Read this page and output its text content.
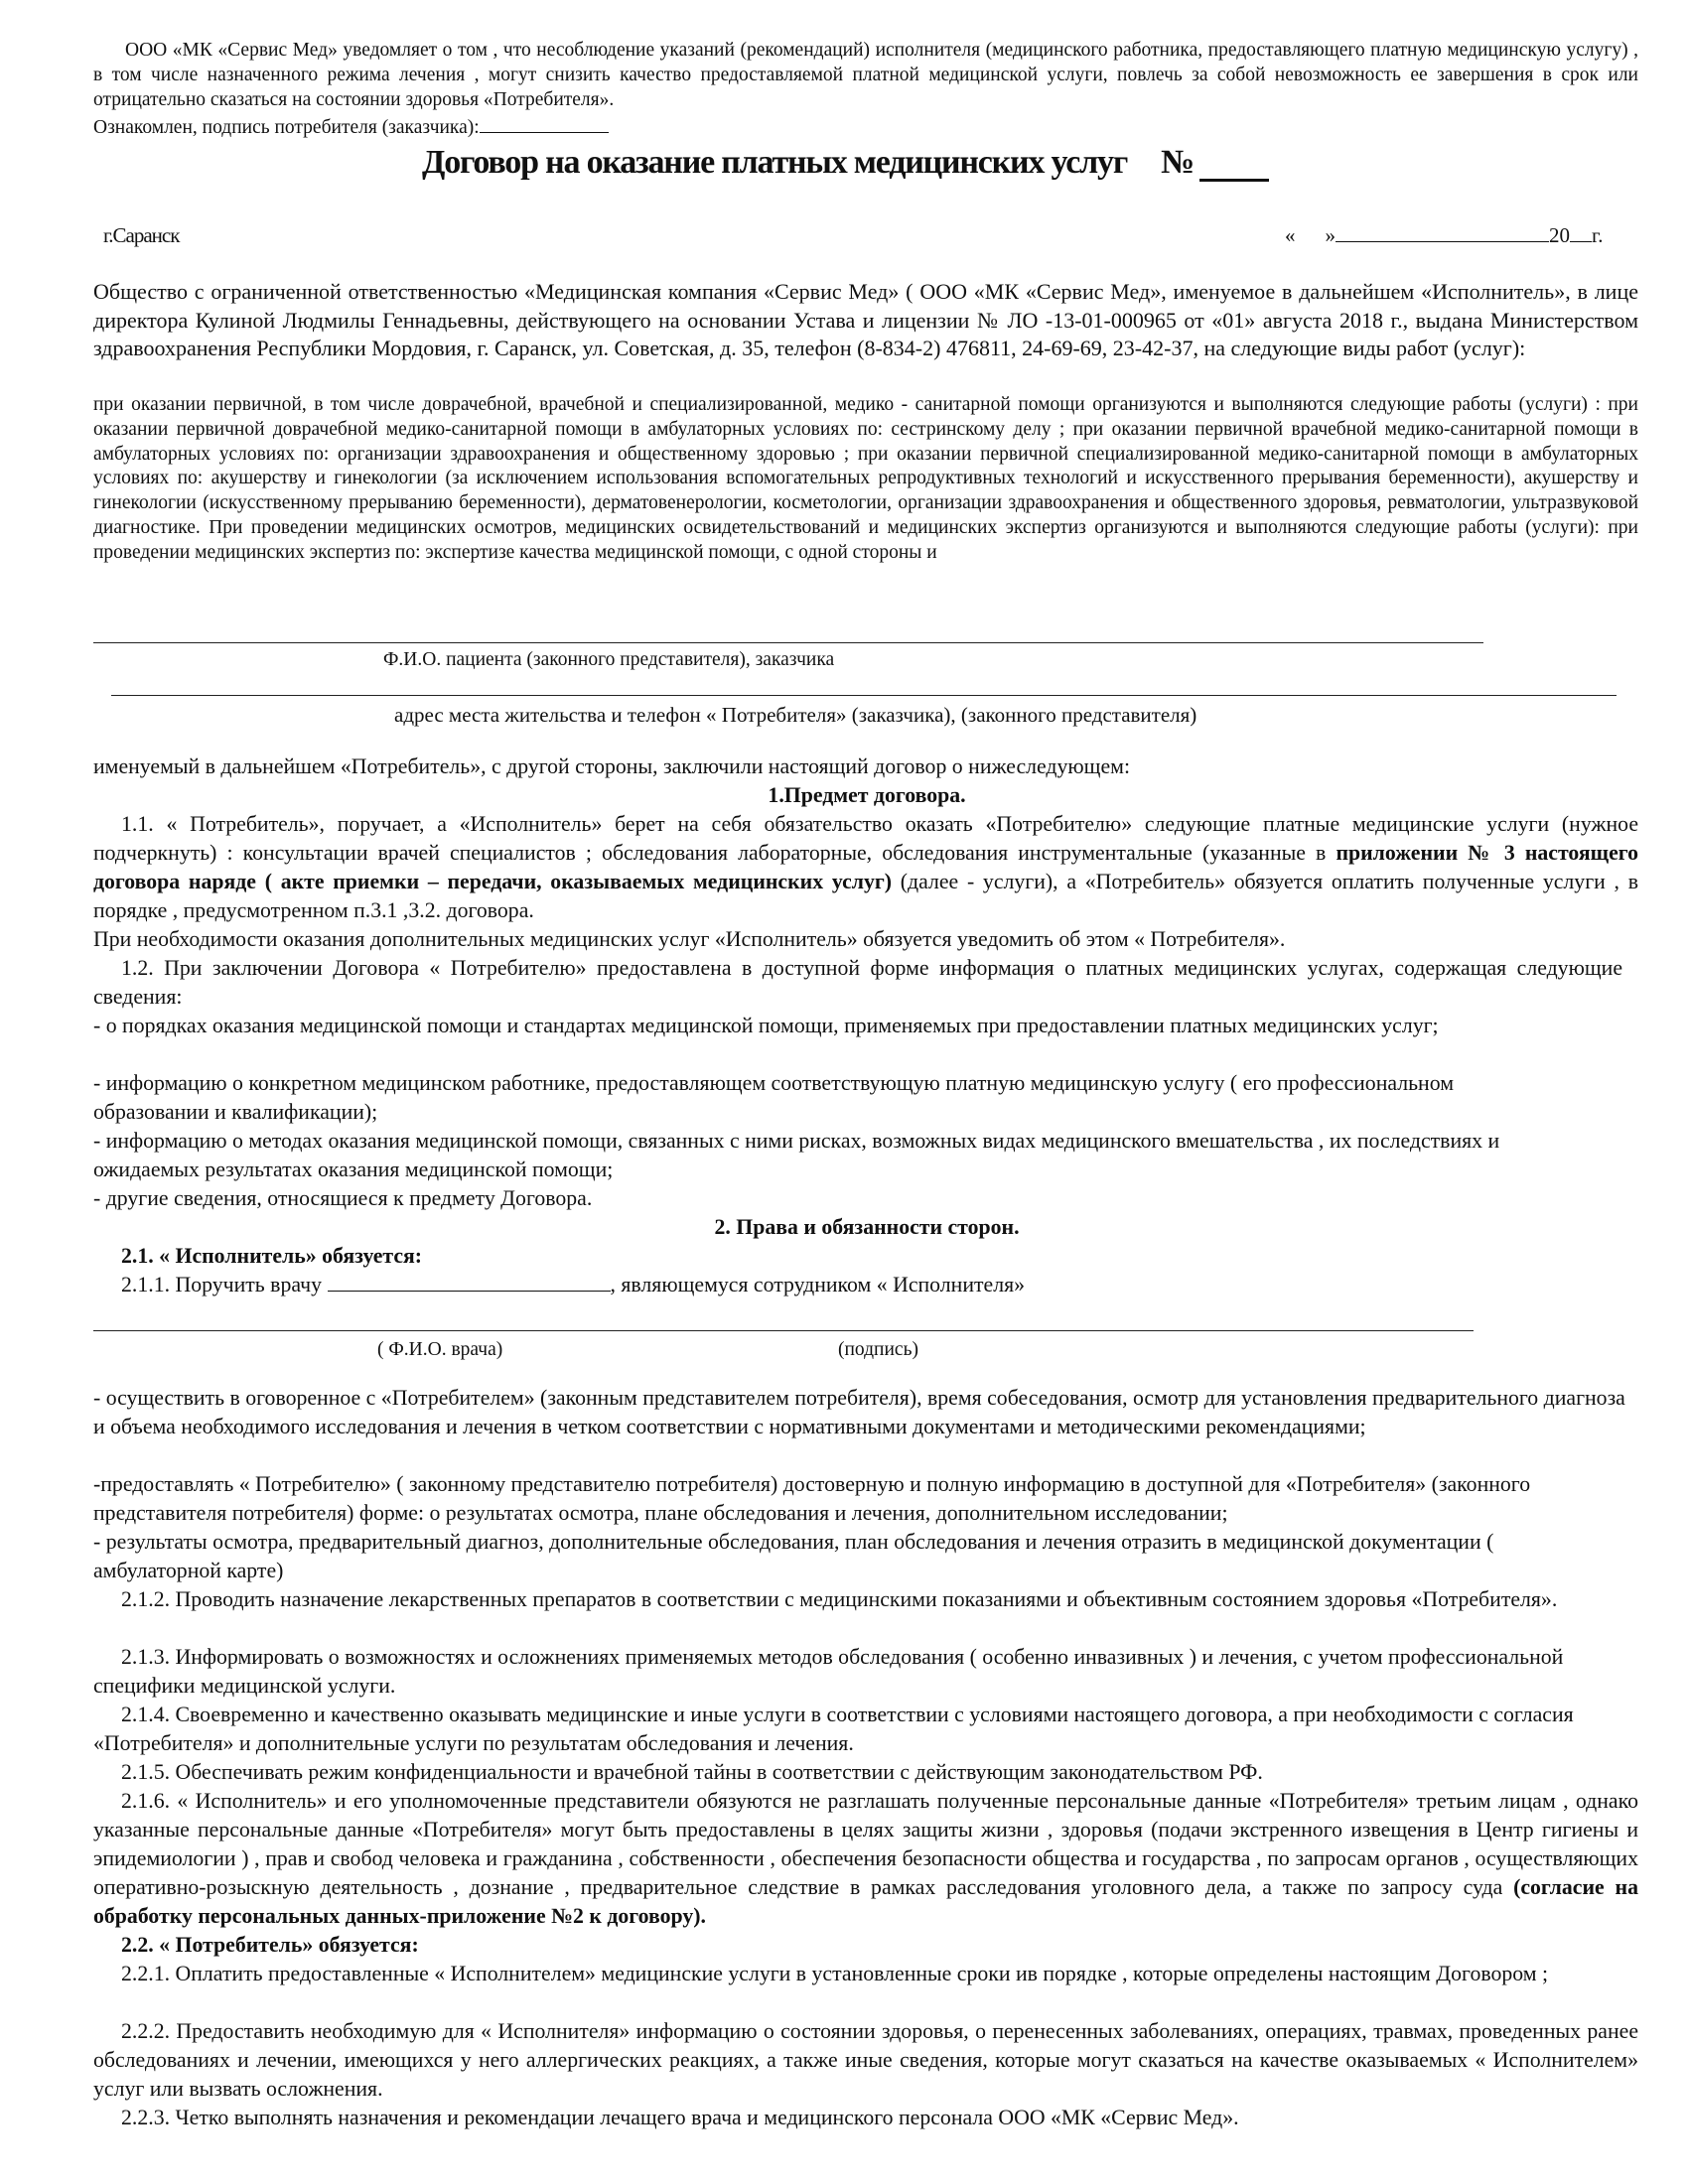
ООО «МК «Сервис Мед» уведомляет о том , что несоблюдение указаний (рекомендаций) исполнителя (медицинского работника, предоставляющего платную медицинскую услугу) , в том числе назначенного режима лечения , могут снизить качество предоставляемой платной медицинской услуги, повлечь за собой невозможность ее завершения в срок или отрицательно сказаться на состоянии здоровья «Потребителя».
Ознакомлен, подпись потребителя (заказчика):
Договор на оказание платных медицинских услуг №
г.Саранск	« »	20 г.
Общество с ограниченной ответственностью «Медицинская компания «Сервис Мед» ( ООО «МК «Сервис Мед», именуемое в дальнейшем «Исполнитель», в лице директора Кулиной Людмилы Геннадьевны, действующего на основании Устава и лицензии № ЛО -13-01-000965 от «01» августа 2018 г., выдана Министерством здравоохранения Республики Мордовия, г. Саранск, ул. Советская, д. 35, телефон (8-834-2) 476811, 24-69-69, 23-42-37, на следующие виды работ (услуг):
при оказании первичной, в том числе доврачебной, врачебной и специализированной, медико - санитарной помощи организуются и выполняются следующие работы (услуги) : при оказании первичной доврачебной медико-санитарной помощи в амбулаторных условиях по: сестринскому делу ; при оказании первичной врачебной медико-санитарной помощи в амбулаторных условиях по: организации здравоохранения и общественному здоровью ; при оказании первичной специализированной медико-санитарной помощи в амбулаторных условиях по: акушерству и гинекологии (за исключением использования вспомогательных репродуктивных технологий и искусственного прерывания беременности), акушерству и гинекологии (искусственному прерыванию беременности), дерматовенерологии, косметологии, организации здравоохранения и общественного здоровья, ревматологии, ультразвуковой диагностике. При проведении медицинских осмотров, медицинских освидетельствований и медицинских экспертиз организуются и выполняются следующие работы (услуги): при проведении медицинских экспертиз по: экспертизе качества медицинской помощи, с одной стороны и
Ф.И.О. пациента (законного представителя), заказчика
адрес места жительства и телефон « Потребителя» (заказчика), (законного представителя)
именуемый в дальнейшем «Потребитель», с другой стороны, заключили настоящий договор о нижеследующем:
1.Предмет договора.
1.1. « Потребитель», поручает, а «Исполнитель» берет на себя обязательство оказать «Потребителю» следующие платные медицинские услуги (нужное подчеркнуть) : консультации врачей специалистов ; обследования лабораторные, обследования инструментальные (указанные в приложении № 3 настоящего договора наряде ( акте приемки – передачи, оказываемых медицинских услуг) (далее - услуги), а «Потребитель» обязуется оплатить полученные услуги , в порядке , предусмотренном п.3.1 ,3.2. договора.
При необходимости оказания дополнительных медицинских услуг «Исполнитель» обязуется уведомить об этом « Потребителя».
1.2. При заключении Договора « Потребителю» предоставлена в доступной форме информация о платных медицинских услугах, содержащая следующие сведения:
- о порядках оказания медицинской помощи и стандартах медицинской помощи, применяемых при предоставлении платных медицинских услуг;
- информацию о конкретном медицинском работнике, предоставляющем соответствующую платную медицинскую услугу ( его профессиональном образовании и квалификации);
- информацию о методах оказания медицинской помощи, связанных с ними рисках, возможных видах медицинского вмешательства , их последствиях и ожидаемых результатах оказания медицинской помощи;
- другие сведения, относящиеся к предмету Договора.
2. Права и обязанности сторон.
2.1. « Исполнитель» обязуется:
2.1.1. Поручить врачу	, являющемуся сотрудником « Исполнителя»
( Ф.И.О. врача)	(подпись)
- осуществить в оговоренное с «Потребителем» (законным представителем потребителя), время собеседования, осмотр для установления предварительного диагноза и объема необходимого исследования и лечения в четком соответствии с нормативными документами и методическими рекомендациями;
-предоставлять « Потребителю» ( законному представителю потребителя) достоверную и полную информацию в доступной для «Потребителя» (законного представителя потребителя) форме: о результатах осмотра, плане обследования и лечения, дополнительном исследовании;
- результаты осмотра, предварительный диагноз, дополнительные обследования, план обследования и лечения отразить в медицинской документации ( амбулаторной карте)
2.1.2. Проводить назначение лекарственных препаратов в соответствии с медицинскими показаниями и объективным состоянием здоровья «Потребителя».
2.1.3. Информировать о возможностях и осложнениях применяемых методов обследования ( особенно инвазивных ) и лечения, с учетом профессиональной специфики медицинской услуги.
2.1.4. Своевременно и качественно оказывать медицинские и иные услуги в соответствии с условиями настоящего договора, а при необходимости с согласия «Потребителя» и дополнительные услуги по результатам обследования и лечения.
2.1.5. Обеспечивать режим конфиденциальности и врачебной тайны в соответствии с действующим законодательством РФ.
2.1.6. « Исполнитель» и его уполномоченные представители обязуются не разглашать полученные персональные данные «Потребителя» третьим лицам , однако указанные персональные данные «Потребителя» могут быть предоставлены в целях защиты жизни , здоровья (подачи экстренного извещения в Центр гигиены и эпидемиологии ) , прав и свобод человека и гражданина , собственности , обеспечения безопасности общества и государства , по запросам органов , осуществляющих оперативно-розыскную деятельность , дознание , предварительное следствие в рамках расследования уголовного дела, а также по запросу суда (согласие на обработку персональных данных-приложение №2 к договору).
2.2. « Потребитель» обязуется:
2.2.1. Оплатить предоставленные « Исполнителем» медицинские услуги в установленные сроки ив порядке , которые определены настоящим Договором ;
2.2.2. Предоставить необходимую для « Исполнителя» информацию о состоянии здоровья, о перенесенных заболеваниях, операциях, травмах, проведенных ранее обследованиях и лечении, имеющихся у него аллергических реакциях, а также иные сведения, которые могут сказаться на качестве оказываемых « Исполнителем» услуг или вызвать осложнения.
2.2.3. Четко выполнять назначения и рекомендации лечащего врача и медицинского персонала ООО «МК «Сервис Мед».
